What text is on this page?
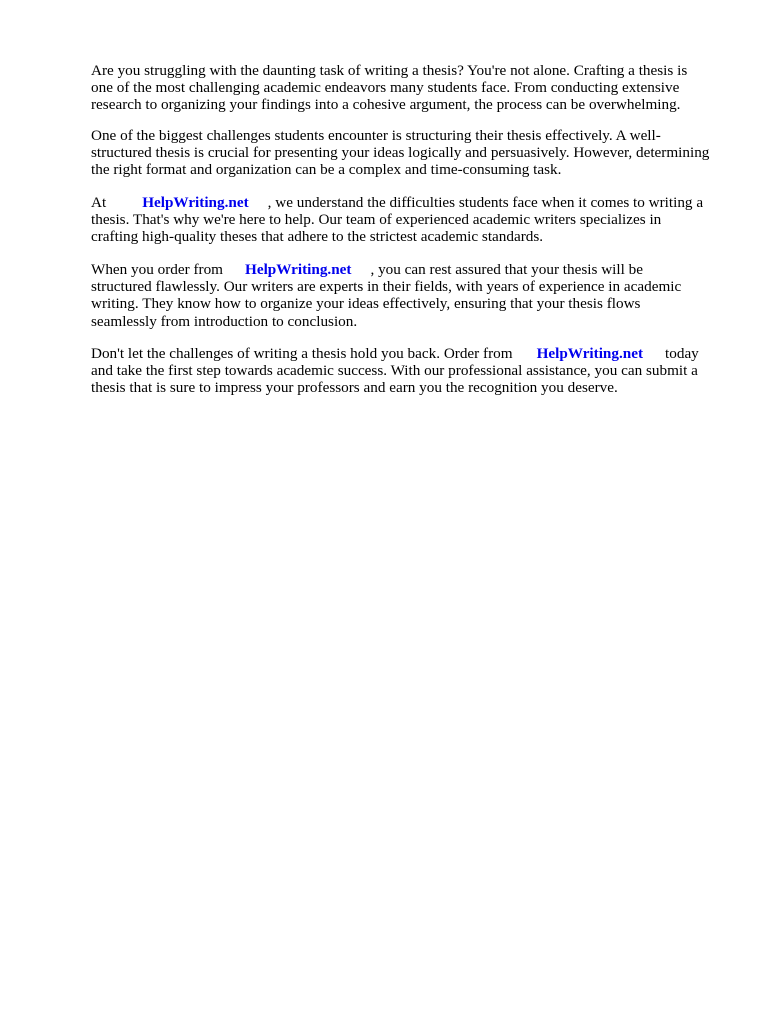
Are you struggling with the daunting task of writing a thesis? You're not alone. Crafting a thesis is
one of the most challenging academic endeavors many students face. From conducting extensive
research to organizing your findings into a cohesive argument, the process can be overwhelming.

One of the biggest challenges students encounter is structuring their thesis effectively. A well-
structured thesis is crucial for presenting your ideas logically and persuasively. However, determining
the right format and organization can be a complex and time-consuming task.

At HelpWriting.net , we understand the difficulties students face when it comes to writing a
thesis. That's why we're here to help. Our team of experienced academic writers specializes in
crafting high-quality theses that adhere to the strictest academic standards.

When you order from HelpWriting.net , you can rest assured that your thesis will be
structured flawlessly. Our writers are experts in their fields, with years of experience in academic
writing. They know how to organize your ideas effectively, ensuring that your thesis flows
seamlessly from introduction to conclusion.

Don't let the challenges of writing a thesis hold you back. Order from HelpWriting.net today
and take the first step towards academic success. With our professional assistance, you can submit a
thesis that is sure to impress your professors and earn you the recognition you deserve.
